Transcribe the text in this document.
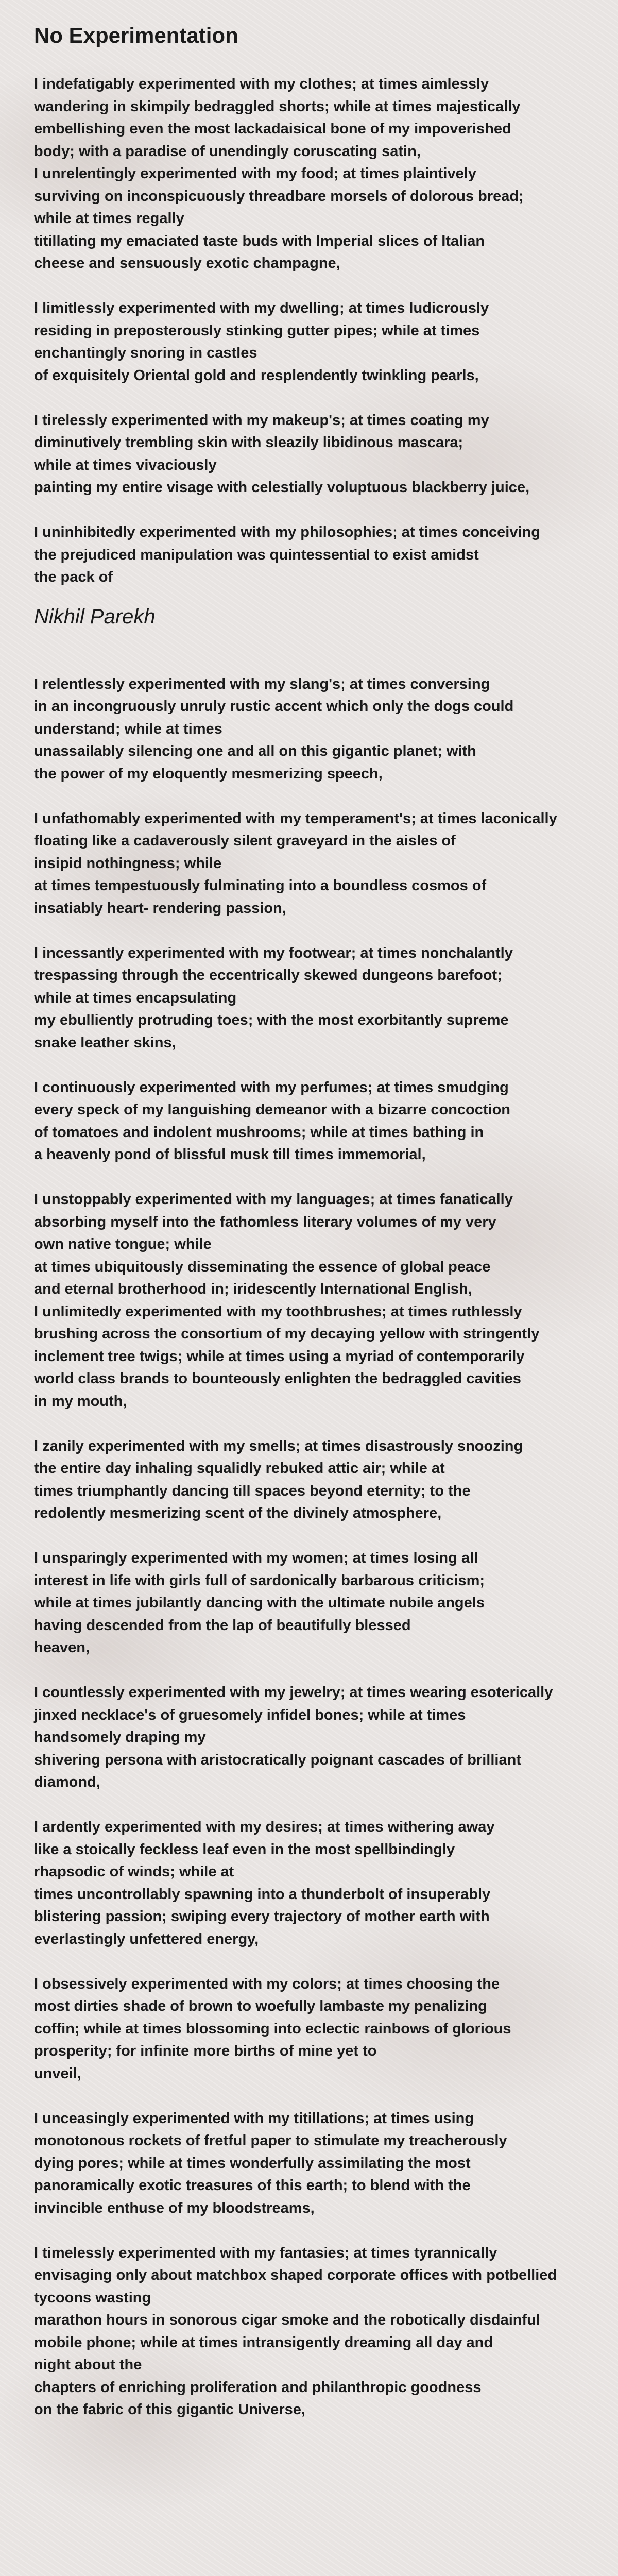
No Experimentation

I indefatigably experimented with my clothes; at times aimlessly
wandering in skimpily bedraggled shorts; while at times majestically
embellishing even the most lackadaisical bone of my impoverished
body; with a paradise of unendingly coruscating satin,
I unrelentingly experimented with my food; at times plaintively
surviving on inconspicuously threadbare morsels of dolorous bread;
while at times regally
titillating my emaciated taste buds with Imperial slices of Italian
cheese and sensuously exotic champagne,

I limitlessly experimented with my dwelling; at times ludicrously
residing in preposterously stinking gutter pipes; while at times
enchantingly snoring in castles
of exquisitely Oriental gold and resplendently twinkling pearls,

I tirelessly experimented with my makeup's; at times coating my
diminutively trembling skin with sleazily libidinous mascara;
while at times vivaciously
painting my entire visage with celestially voluptuous blackberry juice,

I uninhibitedly experimented with my philosophies; at times conceiving
the prejudiced manipulation was quintessential to exist amidst
the pack of

Nikhil Parekh

I relentlessly experimented with my slang's; at times conversing
in an incongruously unruly rustic accent which only the dogs could
understand; while at times
unassailably silencing one and all on this gigantic planet; with
the power of my eloquently mesmerizing speech,

I unfathomably experimented with my temperament's; at times laconically
floating like a cadaverously silent graveyard in the aisles of
insipid nothingness; while
at times tempestuously fulminating into a boundless cosmos of
insatiably heart- rendering passion,

I incessantly experimented with my footwear; at times nonchalantly
trespassing through the eccentrically skewed dungeons barefoot;
while at times encapsulating
my ebulliently protruding toes; with the most exorbitantly supreme
snake leather skins,

I continuously experimented with my perfumes; at times smudging
every speck of my languishing demeanor with a bizarre concoction
of tomatoes and indolent mushrooms; while at times bathing in
a heavenly pond of blissful musk till times immemorial,

I unstoppably experimented with my languages; at times fanatically
absorbing myself into the fathomless literary volumes of my very
own native tongue; while
at times ubiquitously disseminating the essence of global peace
and eternal brotherhood in; iridescently International English,
I unlimitedly experimented with my toothbrushes; at times ruthlessly
brushing across the consortium of my decaying yellow with stringently
inclement tree twigs; while at times using a myriad of contemporarily
world class brands to bounteously enlighten the bedraggled cavities
in my mouth,

I zanily experimented with my smells; at times disastrously snoozing
the entire day inhaling squalidly rebuked attic air; while at
times triumphantly dancing till spaces beyond eternity; to the
redolently mesmerizing scent of the divinely atmosphere,

I unsparingly experimented with my women; at times losing all
interest in life with girls full of sardonically barbarous criticism;
while at times jubilantly dancing with the ultimate nubile angels
having descended from the lap of beautifully blessed
heaven,

I countlessly experimented with my jewelry; at times wearing esoterically
jinxed necklace's of gruesomely infidel bones; while at times
handsomely draping my
shivering persona with aristocratically poignant cascades of brilliant
diamond,

I ardently experimented with my desires; at times withering away
like a stoically feckless leaf even in the most spellbindingly
rhapsodic of winds; while at
times uncontrollably spawning into a thunderbolt of insuperably
blistering passion; swiping every trajectory of mother earth with
everlastingly unfettered energy,

I obsessively experimented with my colors; at times choosing the
most dirties shade of brown to woefully lambaste my penalizing
coffin; while at times blossoming into eclectic rainbows of glorious
prosperity; for infinite more births of mine yet to
unveil,

I unceasingly experimented with my titillations; at times using
monotonous rockets of fretful paper to stimulate my treacherously
dying pores; while at times wonderfully assimilating the most
panoramically exotic treasures of this earth; to blend with the
invincible enthuse of my bloodstreams,

I timelessly experimented with my fantasies; at times tyrannically
envisaging only about matchbox shaped corporate offices with potbellied
tycoons wasting
marathon hours in sonorous cigar smoke and the robotically disdainful
mobile phone; while at times intransigently dreaming all day and
night about the
chapters of enriching proliferation and philanthropic goodness
on the fabric of this gigantic Universe,
